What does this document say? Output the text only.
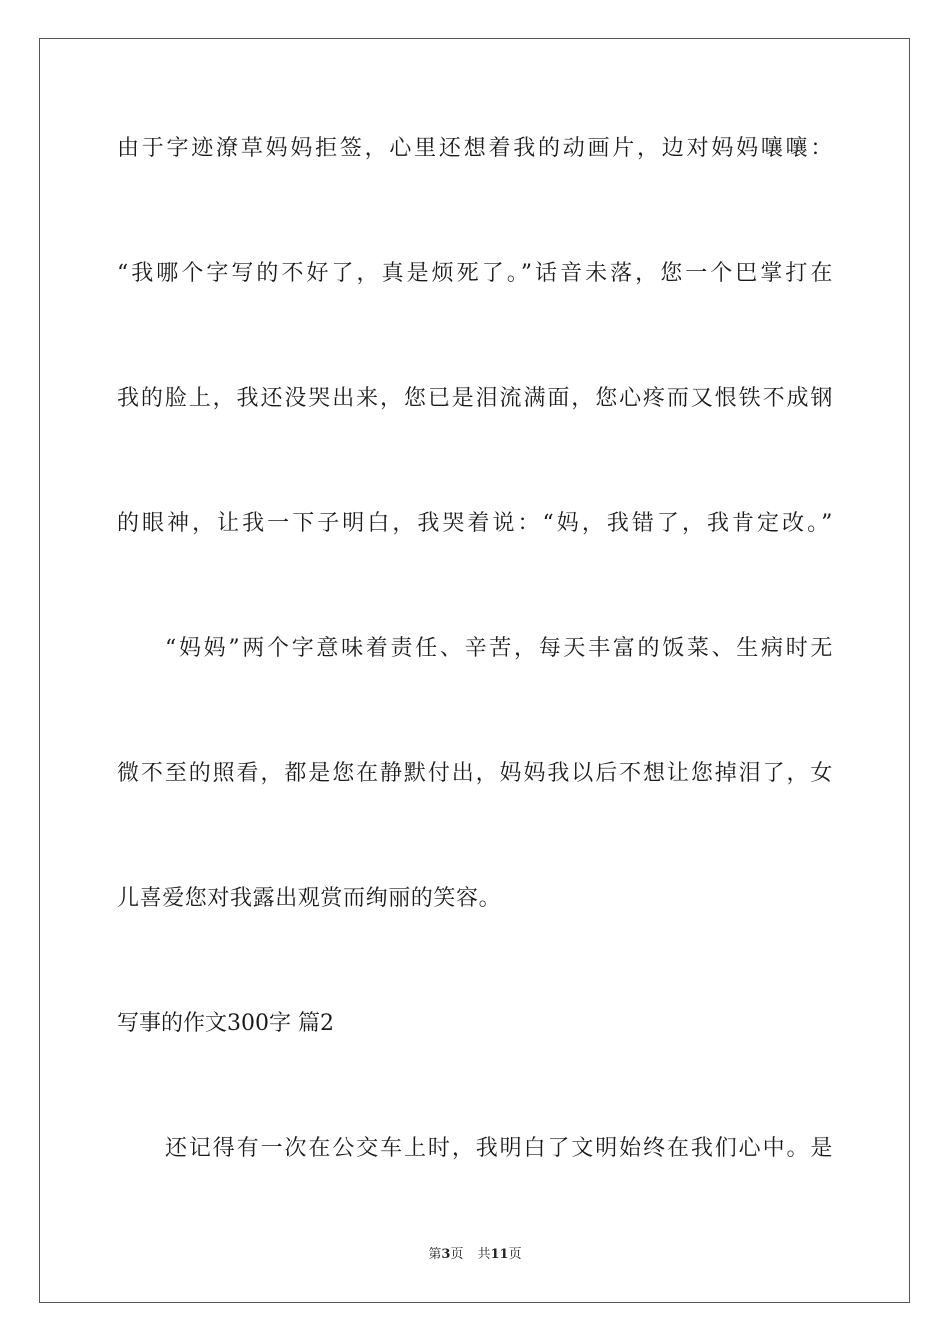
由于字迹潦草妈妈拒签，心里还想着我的动画片，边对妈妈嚷嚷：
“我哪个字写的不好了，真是烦死了。”话音未落，您一个巴掌打在
我的脸上，我还没哭出来，您已是泪流满面，您心疼而又恨铁不成钢
的眼神，让我一下子明白，我哭着说：“妈，我错了，我肯定改。”
“妈妈”两个字意味着责任、辛苦，每天丰富的饭菜、生病时无
微不至的照看，都是您在静默付出，妈妈我以后不想让您掉泪了，女
儿喜爱您对我露出观赏而绚丽的笑容。
写事的作文300字 篇2
还记得有一次在公交车上时，我明白了文明始终在我们心中。是
第3页 共11页
